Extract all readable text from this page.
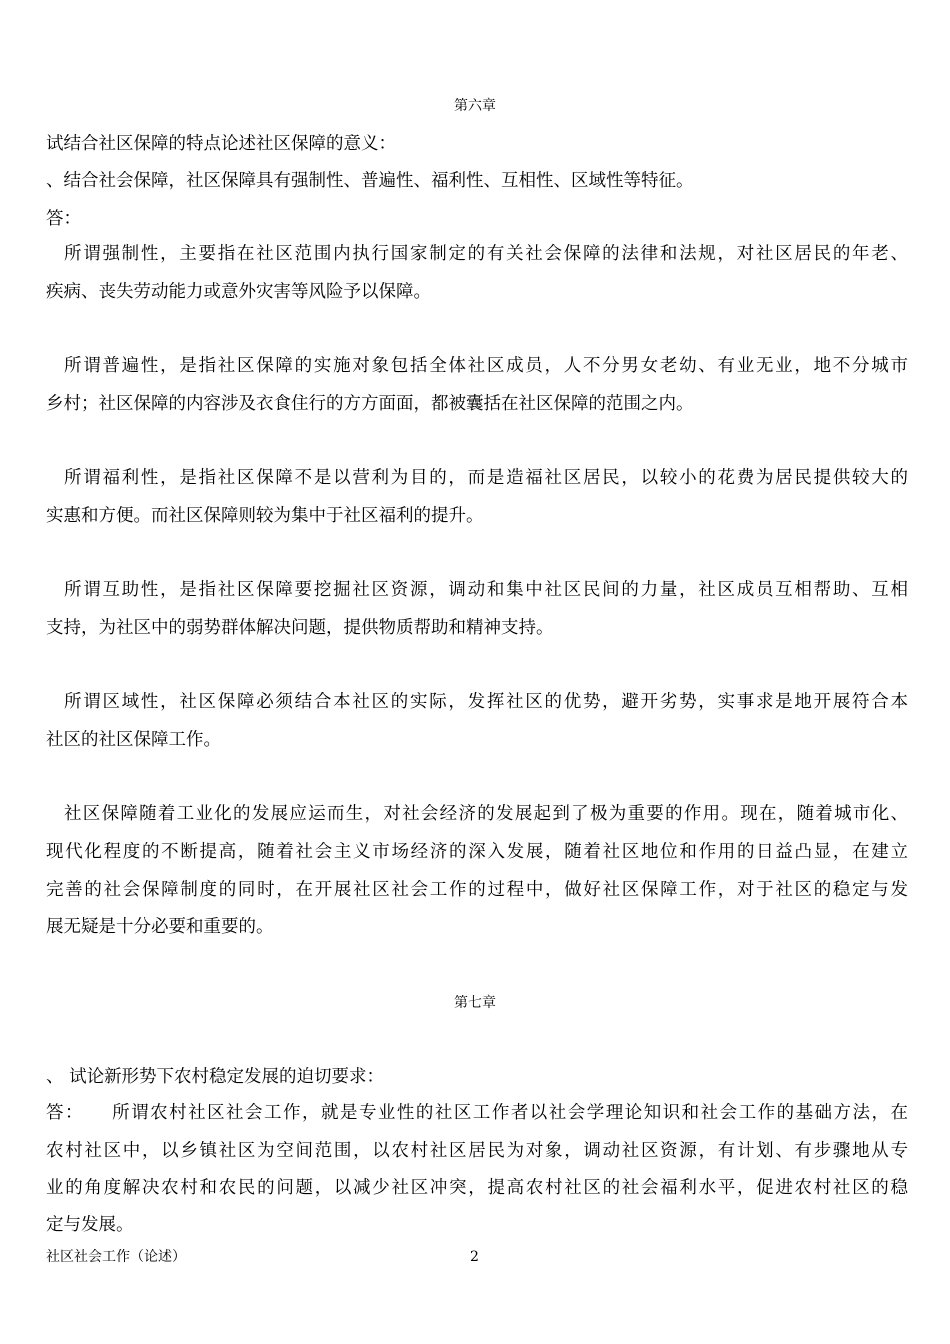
第六章
试结合社区保障的特点论述社区保障的意义：
、结合社会保障，社区保障具有强制性、普遍性、福利性、互相性、区域性等特征。
答：
所谓强制性，主要指在社区范围内执行国家制定的有关社会保障的法律和法规，对社区居民的年老、
疾病、丧失劳动能力或意外灾害等风险予以保障。
所谓普遍性，是指社区保障的实施对象包括全体社区成员，人不分男女老幼、有业无业，地不分城市
乡村；社区保障的内容涉及衣食住行的方方面面，都被囊括在社区保障的范围之内。
所谓福利性，是指社区保障不是以营利为目的，而是造福社区居民，以较小的花费为居民提供较大的
实惠和方便。而社区保障则较为集中于社区福利的提升。
所谓互助性，是指社区保障要挖掘社区资源，调动和集中社区民间的力量，社区成员互相帮助、互相
支持，为社区中的弱势群体解决问题，提供物质帮助和精神支持。
所谓区域性，社区保障必须结合本社区的实际，发挥社区的优势，避开劣势，实事求是地开展符合本
社区的社区保障工作。
社区保障随着工业化的发展应运而生，对社会经济的发展起到了极为重要的作用。现在，随着城市化、
现代化程度的不断提高，随着社会主义市场经济的深入发展，随着社区地位和作用的日益凸显，在建立
完善的社会保障制度的同时，在开展社区社会工作的过程中，做好社区保障工作，对于社区的稳定与发
展无疑是十分必要和重要的。
第七章
、 试论新形势下农村稳定发展的迫切要求：
答：    所谓农村社区社会工作，就是专业性的社区工作者以社会学理论知识和社会工作的基础方法，在
农村社区中，以乡镇社区为空间范围，以农村社区居民为对象，调动社区资源，有计划、有步骤地从专
业的角度解决农村和农民的问题，以减少社区冲突，提高农村社区的社会福利水平，促进农村社区的稳
定与发展。
社区社会工作（论述）	2
